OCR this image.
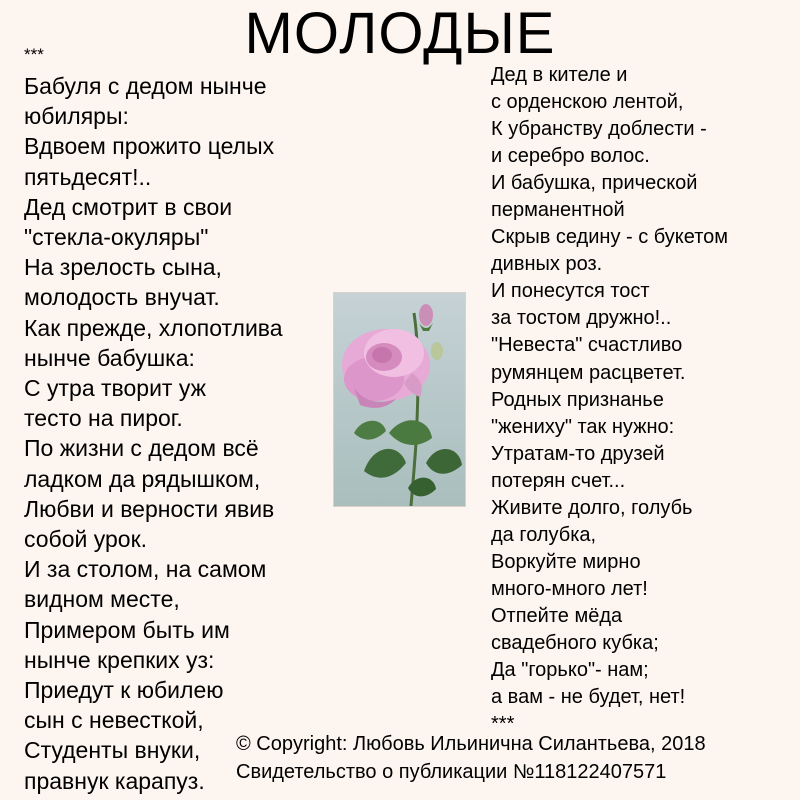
МОЛОДЫЕ
***
Бабуля с дедом нынче
юбиляры:
Вдвоем прожито целых
пятьдесят!..
Дед смотрит в свои
"стекла-окуляры"
На зрелость сына,
молодость внучат.
Как прежде, хлопотлива
нынче бабушка:
С утра творит уж
тесто на пирог.
По жизни с дедом всё
ладком да рядышком,
Любви и верности явив
собой урок.
И за столом, на самом
видном месте,
Примером быть им
нынче крепких уз:
Приедут к юбилею
сын с невесткой,
Студенты внуки,
правнук карапуз.
Дед в кителе и
с орденскою лентой,
К убранству доблести -
и серебро волос.
И бабушка, прической
перманентной
Скрыв седину - с букетом
дивных роз.
И понесутся тост
за тостом дружно!..
"Невеста" счастливо
румянцем расцветет.
Родных признанье
"жениху" так нужно:
Утратам-то друзей
потерян счет...
Живите долго, голубь
да голубка,
Воркуйте мирно
много-много лет!
Отпейте мёда
свадебного кубка;
Да "горько"- нам;
а вам - не будет, нет!
***
© Copyright: Любовь Ильинична Силантьева, 2018
Свидетельство о публикации №118122407571
